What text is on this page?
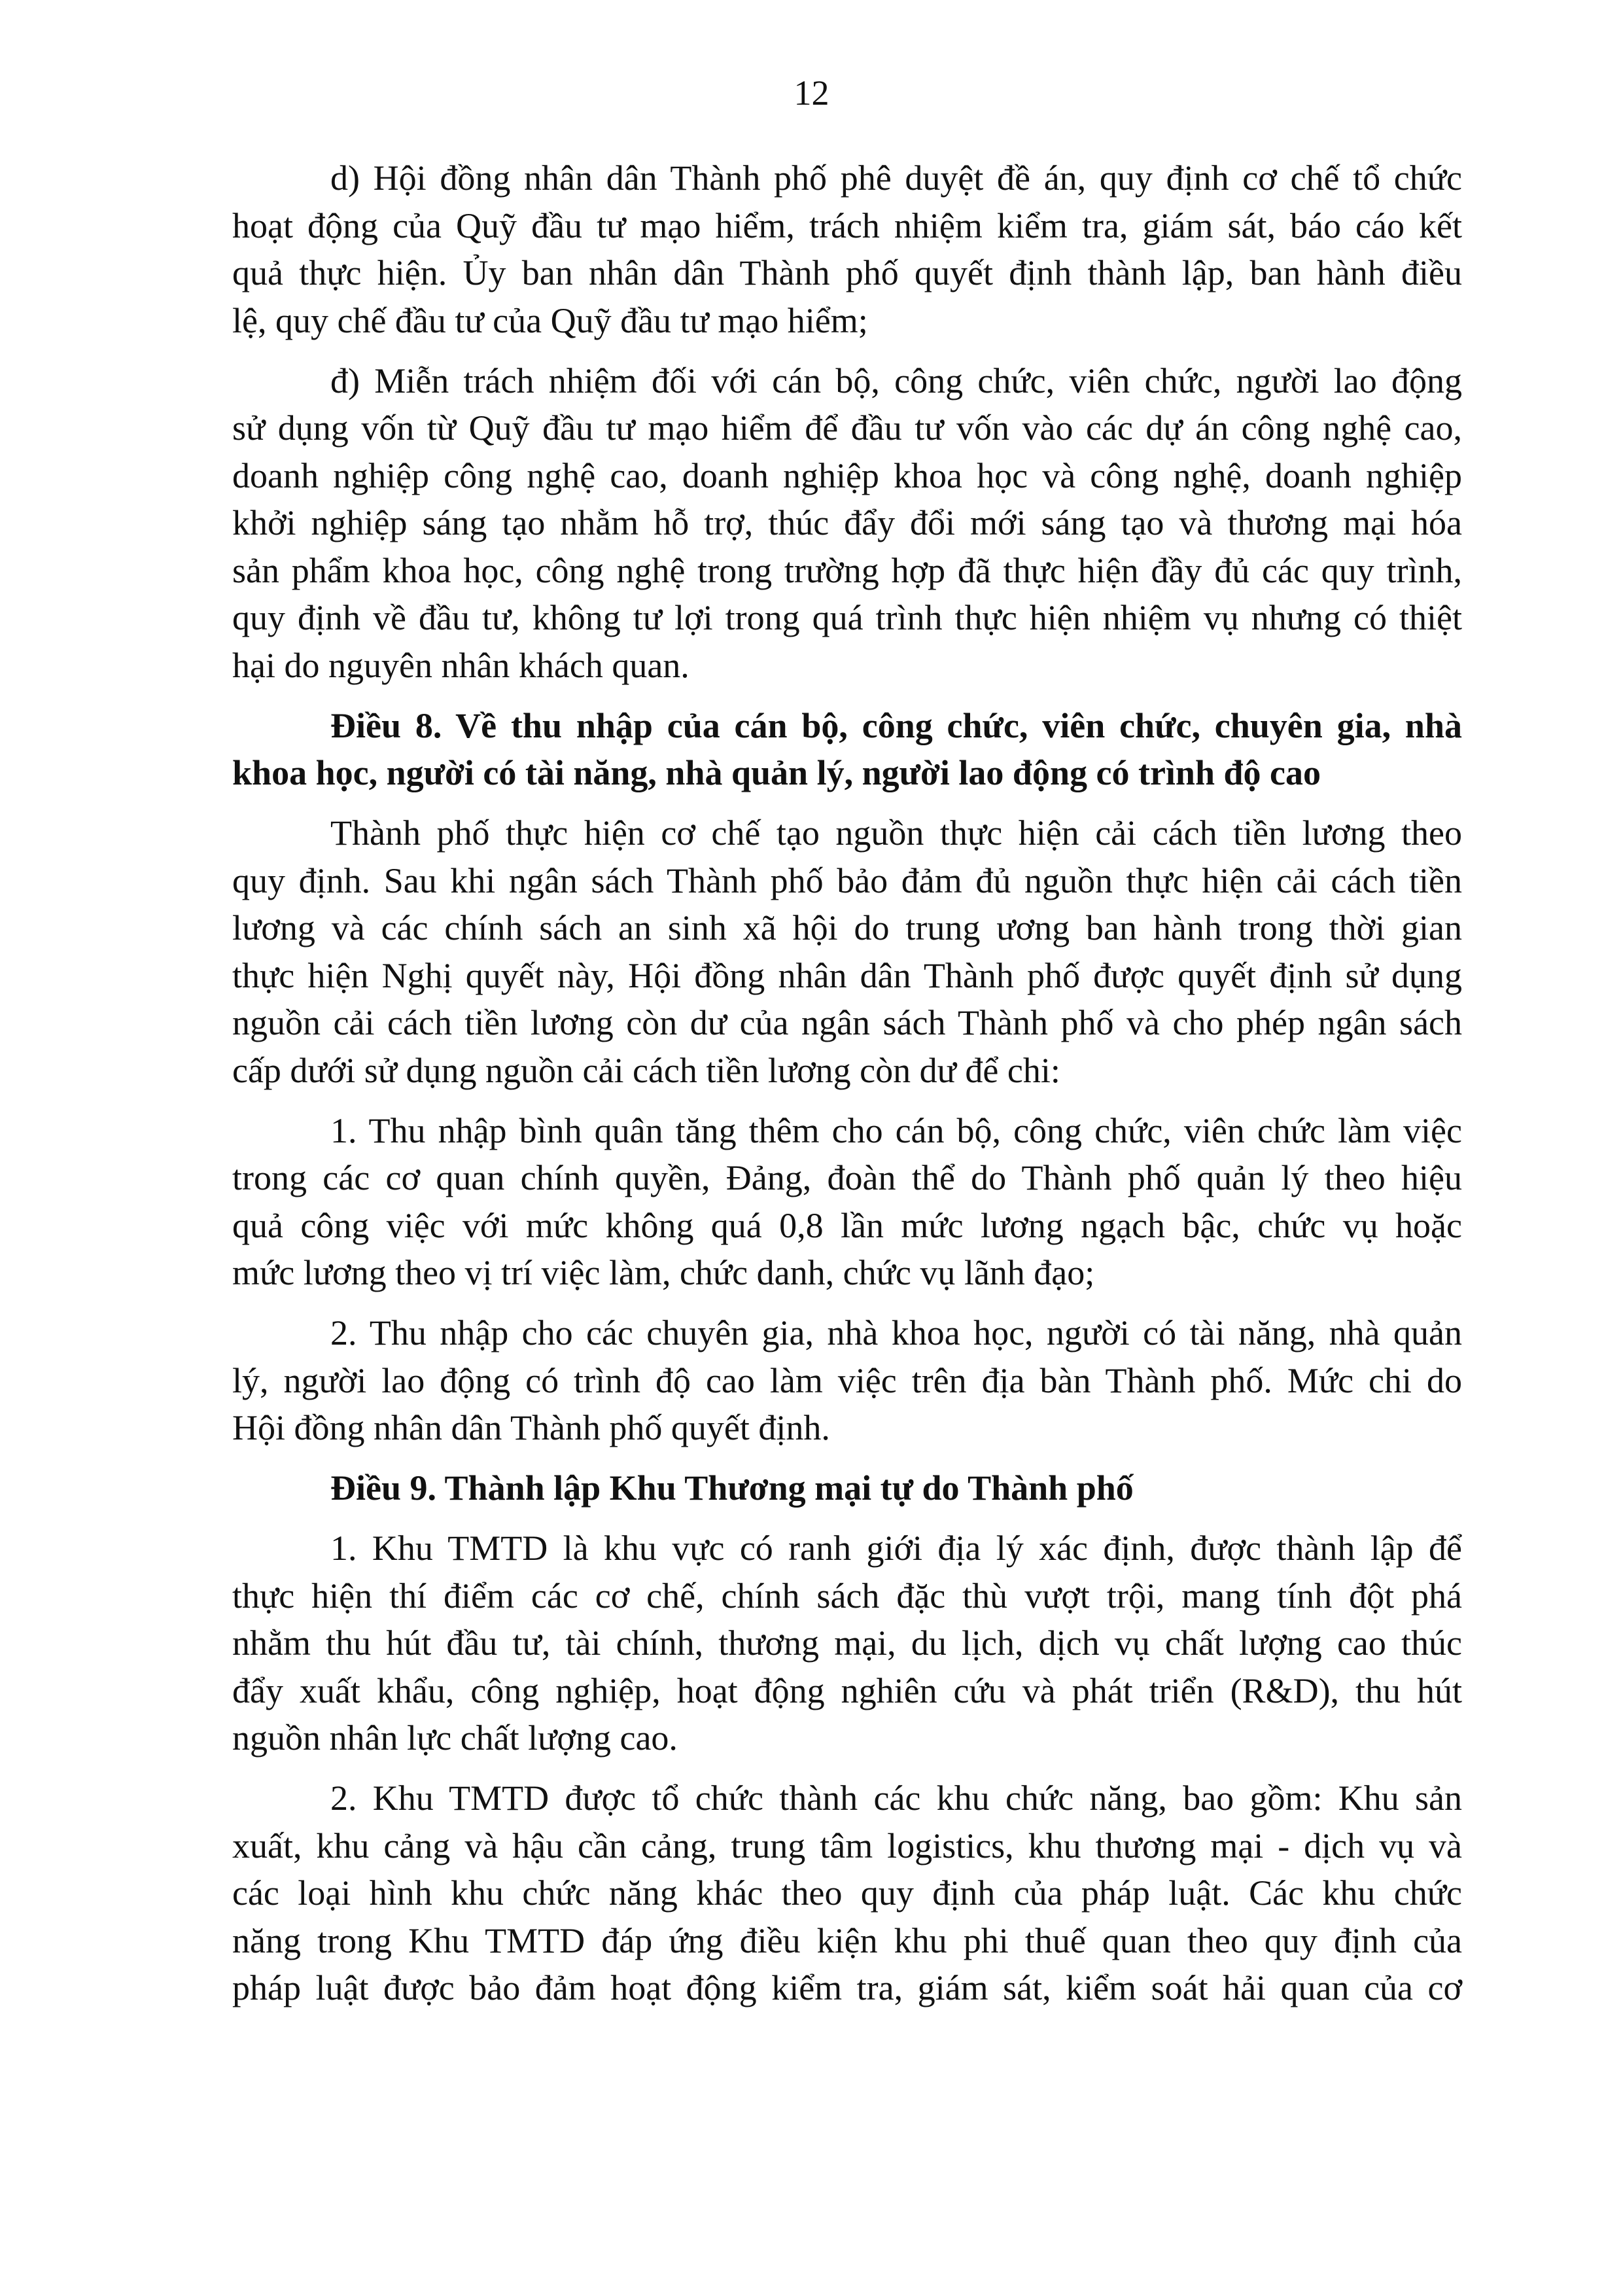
12

d) Hội đồng nhân dân Thành phố phê duyệt đề án, quy định cơ chế tổ chức
hoạt động của Quỹ đầu tư mạo hiểm, trách nhiệm kiểm tra, giám sát, báo cáo kết
quả thực hiện. Ủy ban nhân dân Thành phố quyết định thành lập, ban hành điều
lệ, quy chế đầu tư của Quỹ đầu tư mạo hiểm;

đ) Miễn trách nhiệm đối với cán bộ, công chức, viên chức, người lao động
sử dụng vốn từ Quỹ đầu tư mạo hiểm để đầu tư vốn vào các dự án công nghệ cao,
doanh nghiệp công nghệ cao, doanh nghiệp khoa học và công nghệ, doanh nghiệp
khởi nghiệp sáng tạo nhằm hỗ trợ, thúc đẩy đổi mới sáng tạo và thương mại hóa
sản phẩm khoa học, công nghệ trong trường hợp đã thực hiện đầy đủ các quy trình,
quy định về đầu tư, không tư lợi trong quá trình thực hiện nhiệm vụ nhưng có thiệt
hại do nguyên nhân khách quan.

Điều 8. Về thu nhập của cán bộ, công chức, viên chức, chuyên gia, nhà
khoa học, người có tài năng, nhà quản lý, người lao động có trình độ cao

Thành phố thực hiện cơ chế tạo nguồn thực hiện cải cách tiền lương theo
quy định. Sau khi ngân sách Thành phố bảo đảm đủ nguồn thực hiện cải cách tiền
lương và các chính sách an sinh xã hội do trung ương ban hành trong thời gian
thực hiện Nghị quyết này, Hội đồng nhân dân Thành phố được quyết định sử dụng
nguồn cải cách tiền lương còn dư của ngân sách Thành phố và cho phép ngân sách
cấp dưới sử dụng nguồn cải cách tiền lương còn dư để chi:

1. Thu nhập bình quân tăng thêm cho cán bộ, công chức, viên chức làm việc
trong các cơ quan chính quyền, Đảng, đoàn thể do Thành phố quản lý theo hiệu
quả công việc với mức không quá 0,8 lần mức lương ngạch bậc, chức vụ hoặc
mức lương theo vị trí việc làm, chức danh, chức vụ lãnh đạo;

2. Thu nhập cho các chuyên gia, nhà khoa học, người có tài năng, nhà quản
lý, người lao động có trình độ cao làm việc trên địa bàn Thành phố. Mức chi do
Hội đồng nhân dân Thành phố quyết định.

Điều 9. Thành lập Khu Thương mại tự do Thành phố

1. Khu TMTD là khu vực có ranh giới địa lý xác định, được thành lập để
thực hiện thí điểm các cơ chế, chính sách đặc thù vượt trội, mang tính đột phá
nhằm thu hút đầu tư, tài chính, thương mại, du lịch, dịch vụ chất lượng cao thúc
đẩy xuất khẩu, công nghiệp, hoạt động nghiên cứu và phát triển (R&D), thu hút
nguồn nhân lực chất lượng cao.

2. Khu TMTD được tổ chức thành các khu chức năng, bao gồm: Khu sản
xuất, khu cảng và hậu cần cảng, trung tâm logistics, khu thương mại - dịch vụ và
các loại hình khu chức năng khác theo quy định của pháp luật. Các khu chức
năng trong Khu TMTD đáp ứng điều kiện khu phi thuế quan theo quy định của
pháp luật được bảo đảm hoạt động kiểm tra, giám sát, kiểm soát hải quan của cơ
